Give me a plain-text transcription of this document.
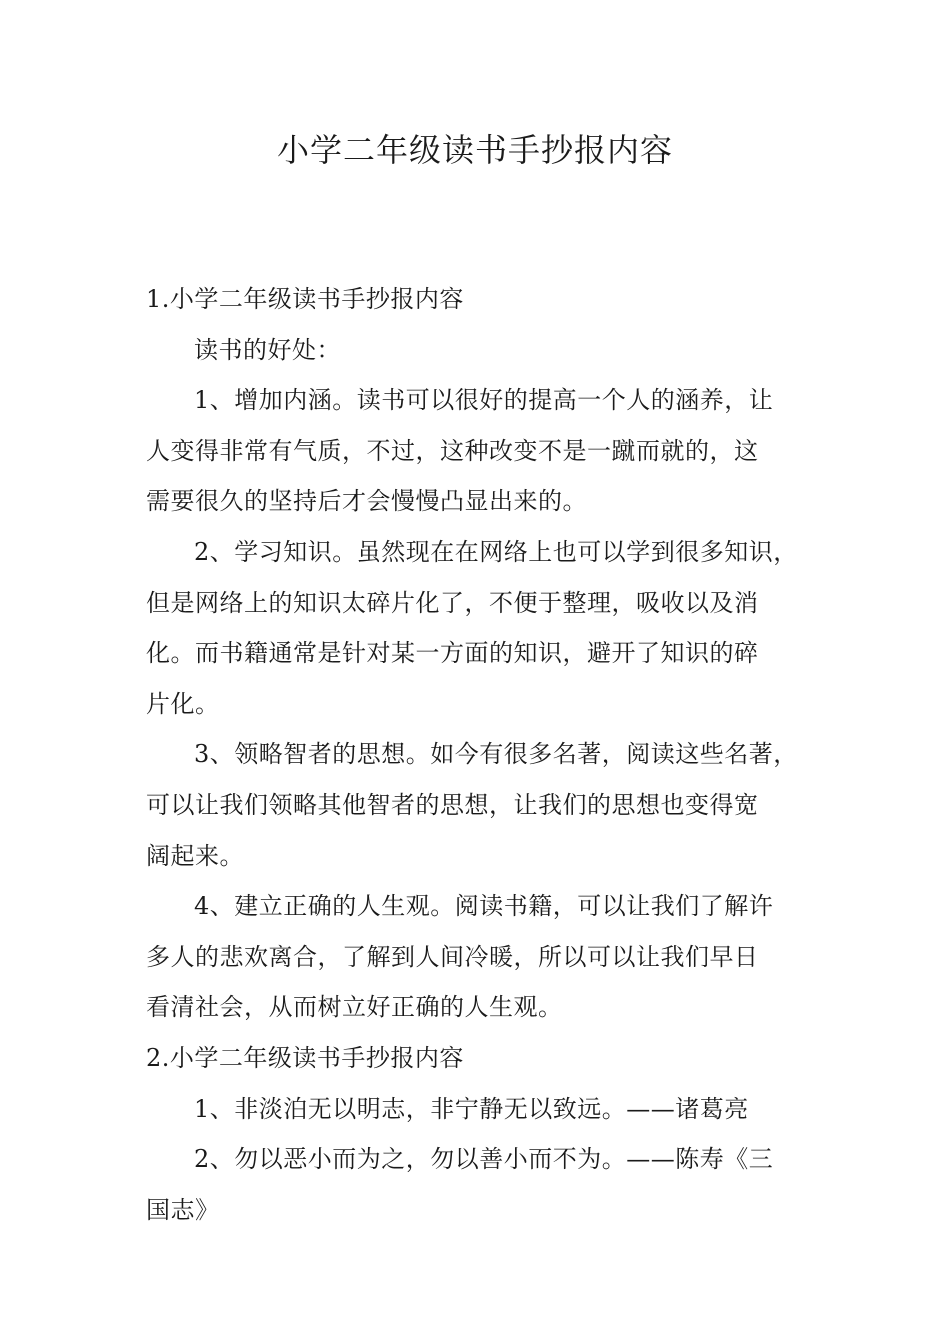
小学二年级读书手抄报内容
1.小学二年级读书手抄报内容
读书的好处：
1、增加内涵。读书可以很好的提高一个人的涵养，让
人变得非常有气质，不过，这种改变不是一蹴而就的，这
需要很久的坚持后才会慢慢凸显出来的。
2、学习知识。虽然现在在网络上也可以学到很多知识，
但是网络上的知识太碎片化了，不便于整理，吸收以及消
化。而书籍通常是针对某一方面的知识，避开了知识的碎
片化。
3、领略智者的思想。如今有很多名著，阅读这些名著，
可以让我们领略其他智者的思想，让我们的思想也变得宽
阔起来。
4、建立正确的人生观。阅读书籍，可以让我们了解许
多人的悲欢离合，了解到人间冷暖，所以可以让我们早日
看清社会，从而树立好正确的人生观。
2.小学二年级读书手抄报内容
1、非淡泊无以明志，非宁静无以致远。——诸葛亮
2、勿以恶小而为之，勿以善小而不为。——陈寿《三
国志》
